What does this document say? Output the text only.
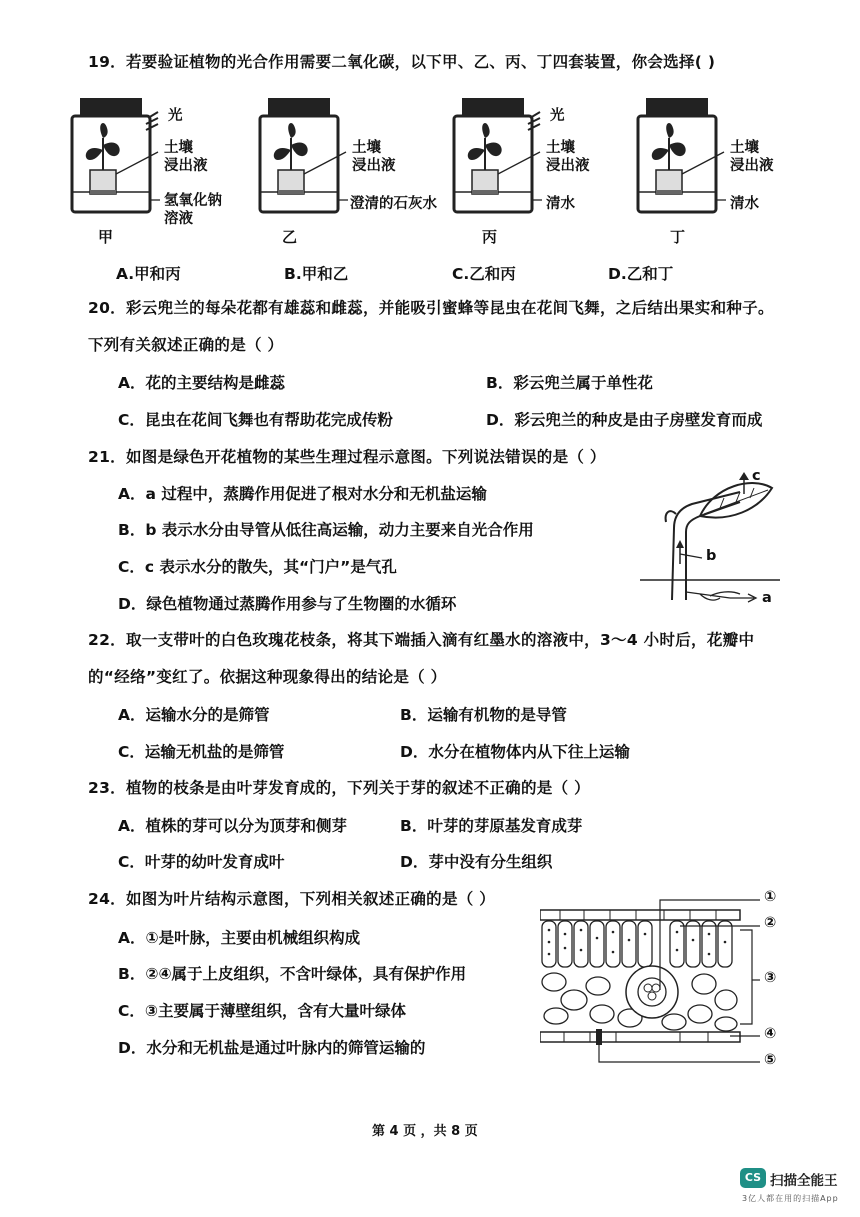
19．若要验证植物的光合作用需要二氧化碳，以下甲、乙、丙、丁四套装置，你会选择( )
光
土壤
浸出液
氢氧化钠
溶液
甲
土壤
浸出液
澄清的石灰水
乙
光
土壤
浸出液
清水
丙
土壤
浸出液
清水
丁
A.甲和丙	B.甲和乙	C.乙和丙	D.乙和丁
20．彩云兜兰的每朵花都有雄蕊和雌蕊，并能吸引蜜蜂等昆虫在花间飞舞，之后结出果实和种子。
下列有关叙述正确的是（ ）
A．花的主要结构是雌蕊	B．彩云兜兰属于单性花
C．昆虫在花间飞舞也有帮助花完成传粉	D．彩云兜兰的种皮是由子房壁发育而成
21．如图是绿色开花植物的某些生理过程示意图。下列说法错误的是（ ）
A．a 过程中，蒸腾作用促进了根对水分和无机盐运输
B．b 表示水分由导管从低往高运输，动力主要来自光合作用
C．c 表示水分的散失，其“门户”是气孔
D．绿色植物通过蒸腾作用参与了生物圈的水循环
c
b
a
22．取一支带叶的白色玫瑰花枝条，将其下端插入滴有红墨水的溶液中，3～4 小时后，花瓣中
的“经络”变红了。依据这种现象得出的结论是（ ）
A．运输水分的是筛管	B．运输有机物的是导管
C．运输无机盐的是筛管	D．水分在植物体内从下往上运输
23．植物的枝条是由叶芽发育成的，下列关于芽的叙述不正确的是（ ）
A．植株的芽可以分为顶芽和侧芽	B．叶芽的芽原基发育成芽
C．叶芽的幼叶发育成叶	D．芽中没有分生组织
24．如图为叶片结构示意图，下列相关叙述正确的是（ ）
A．①是叶脉，主要由机械组织构成
B．②④属于上皮组织，不含叶绿体，具有保护作用
C．③主要属于薄壁组织，含有大量叶绿体
D．水分和无机盐是通过叶脉内的筛管运输的
①
②
③
④
⑤
第 4 页 ，共 8 页
CS 扫描全能王
3亿人都在用的扫描App
